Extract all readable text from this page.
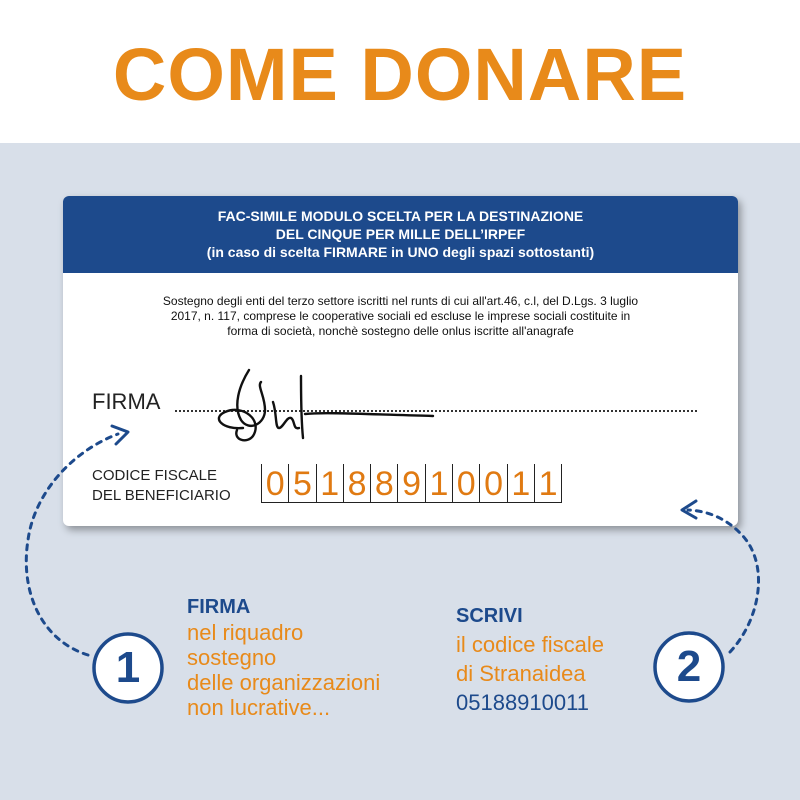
COME DONARE
FAC-SIMILE MODULO SCELTA PER LA DESTINAZIONE
DEL CINQUE PER MILLE DELL’IRPEF
(in caso di scelta FIRMARE in UNO degli spazi sottostanti)
Sostegno degli enti del terzo settore iscritti nel runts di cui all'art.46, c.l, del D.Lgs. 3 luglio
2017, n. 117, comprese le cooperative sociali ed escluse le imprese sociali costituite in
forma di società, nonchè sostegno delle onlus iscritte all'anagrafe
FIRMA
CODICE FISCALE
DEL BENEFICIARIO 0 5 1 8 8 9 1 0 0 1 1
1	2
FIRMA
nel riquadro
sostegno
delle organizzazioni
non lucrative...
SCRIVI
il codice fiscale
di Stranaidea
05188910011
